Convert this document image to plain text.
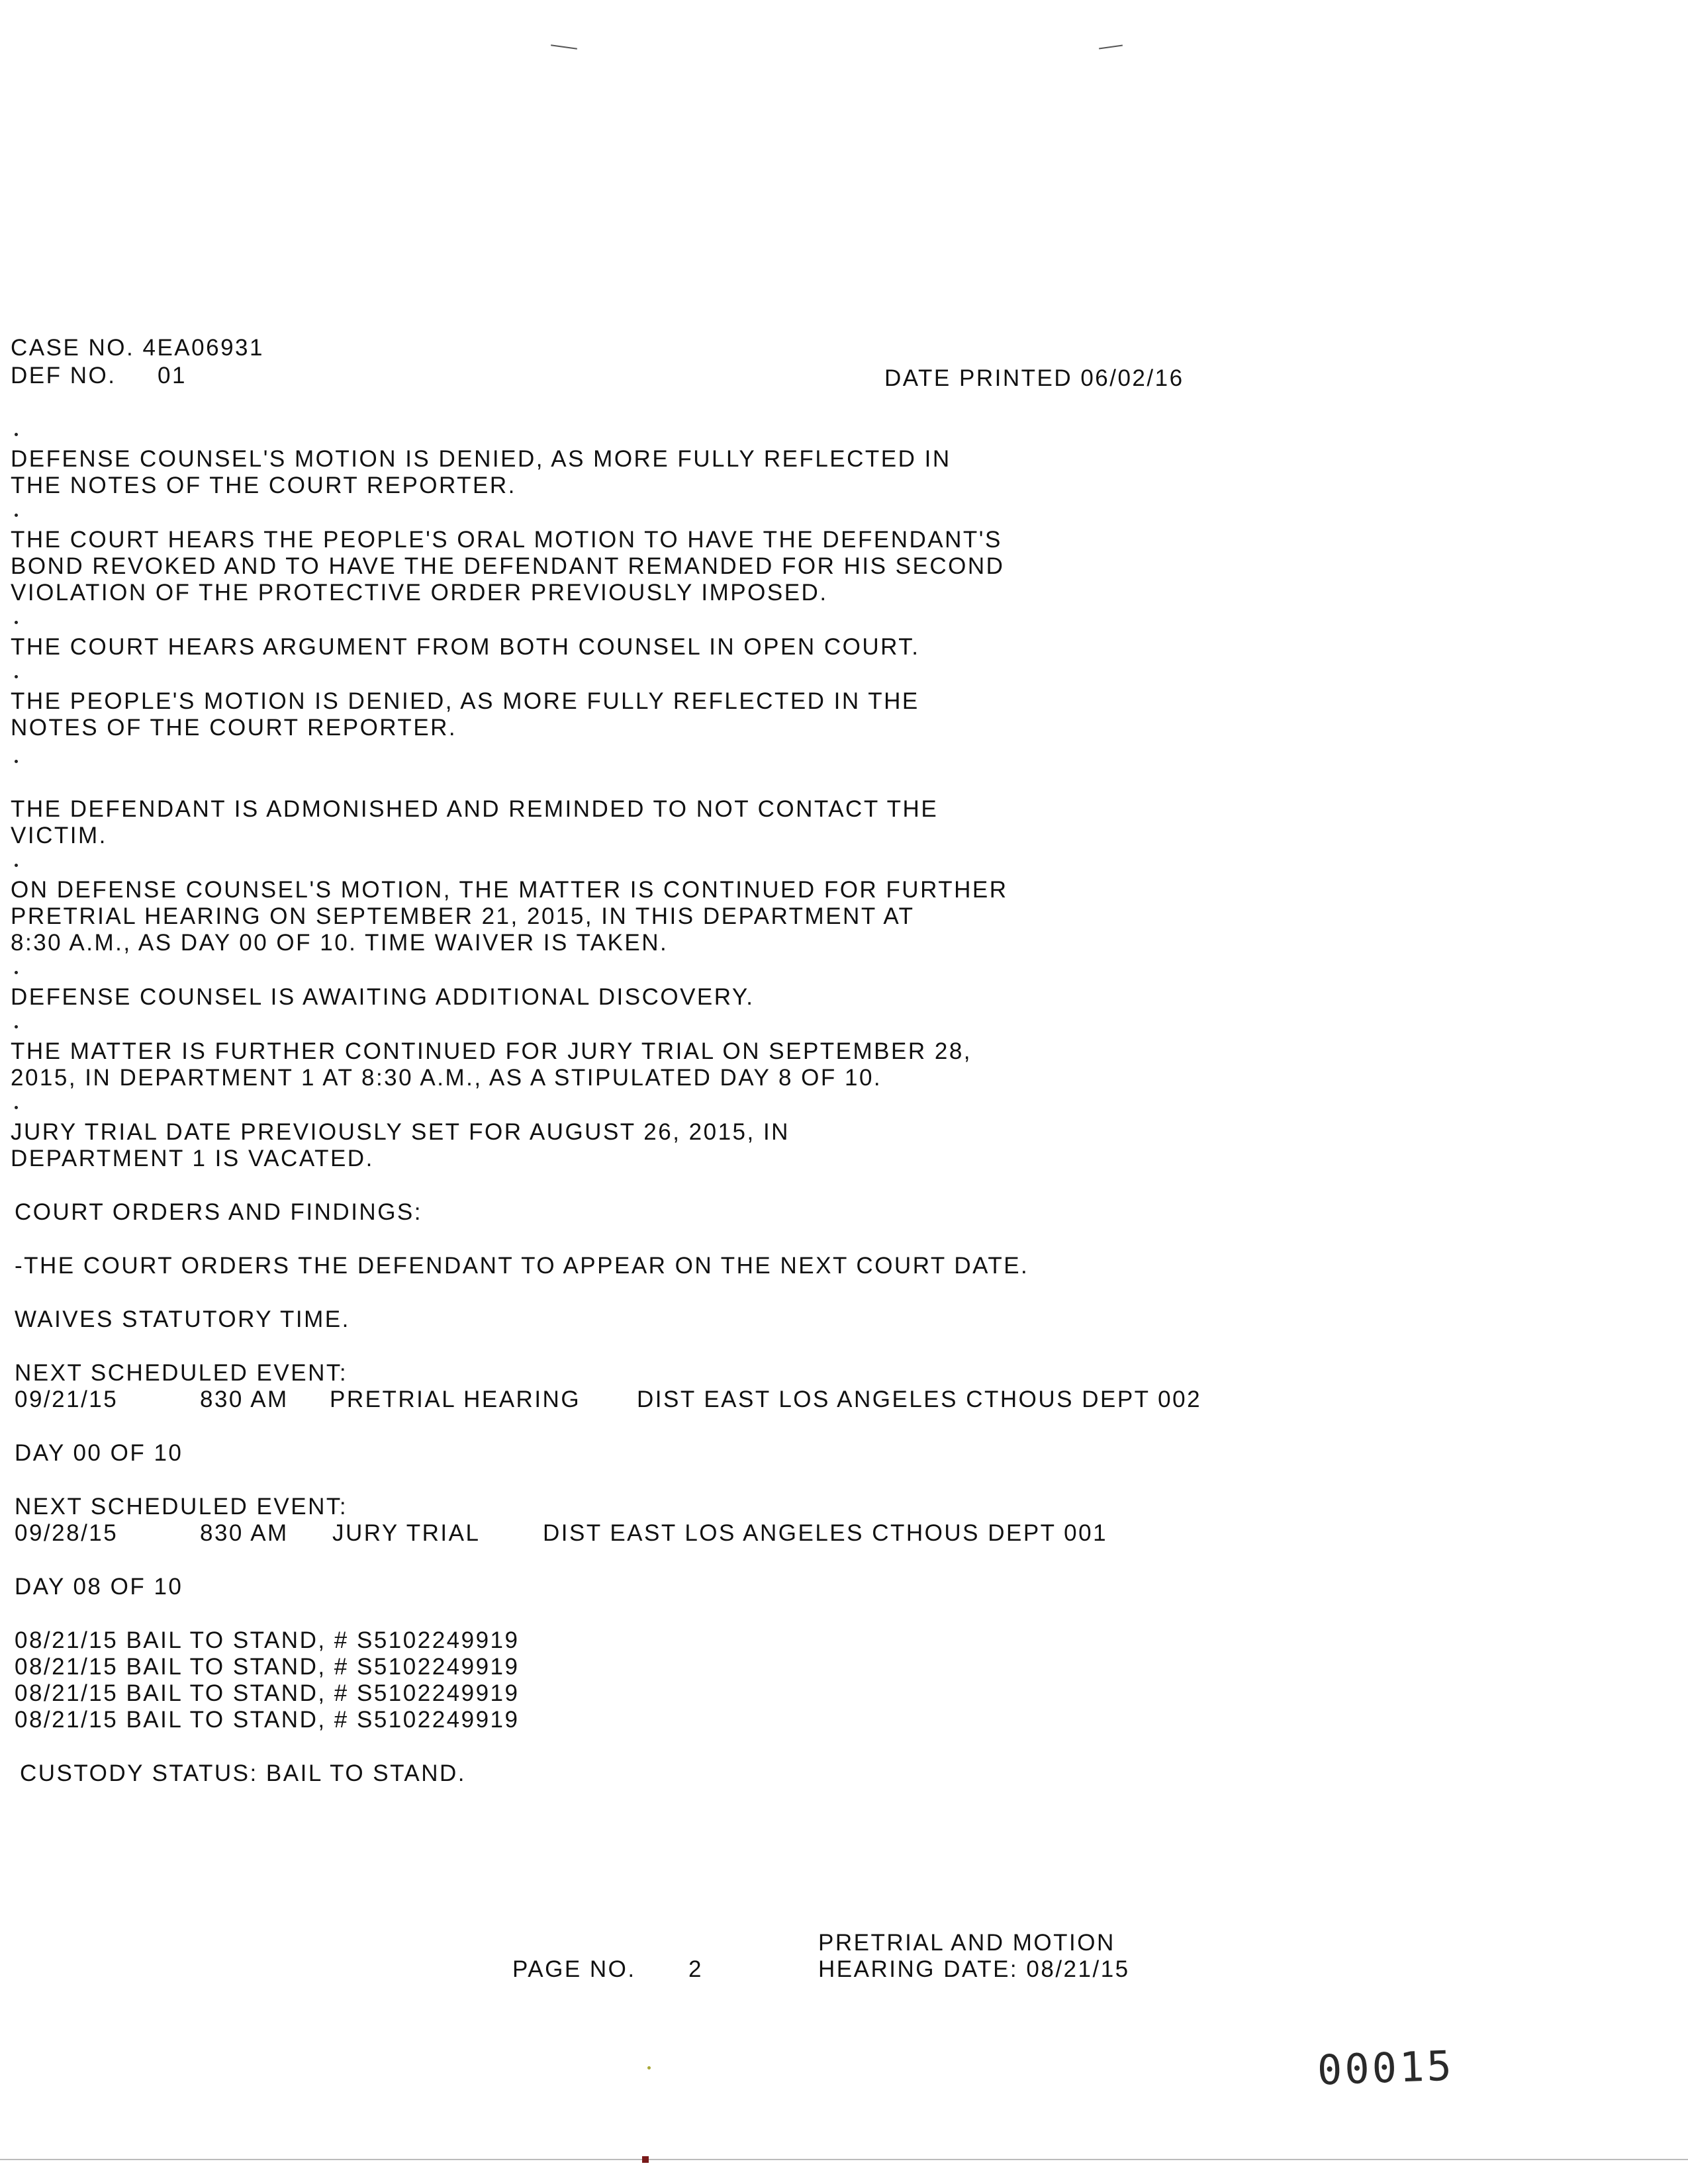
CASE NO. 4EA06931

DEF NO. 01	DATE PRINTED 06/02/16

DEFENSE COUNSEL'S MOTION IS DENIED, AS MORE FULLY REFLECTED IN

THE NOTES OF THE COURT REPORTER.

THE COURT HEARS THE PEOPLE'S ORAL MOTION TO HAVE THE DEFENDANT'S

BOND REVOKED AND TO HAVE THE DEFENDANT REMANDED FOR HIS SECOND

VIOLATION OF THE PROTECTIVE ORDER PREVIOUSLY IMPOSED.

THE COURT HEARS ARGUMENT FROM BOTH COUNSEL IN OPEN COURT.

THE PEOPLE'S MOTION IS DENIED, AS MORE FULLY REFLECTED IN THE

NOTES OF THE COURT REPORTER.

THE DEFENDANT IS ADMONISHED AND REMINDED TO NOT CONTACT THE

VICTIM.

ON DEFENSE COUNSEL'S MOTION, THE MATTER IS CONTINUED FOR FURTHER

PRETRIAL HEARING ON SEPTEMBER 21, 2015, IN THIS DEPARTMENT AT

8:30 A.M., AS DAY 00 OF 10. TIME WAIVER IS TAKEN.

DEFENSE COUNSEL IS AWAITING ADDITIONAL DISCOVERY.

THE MATTER IS FURTHER CONTINUED FOR JURY TRIAL ON SEPTEMBER 28,

2015, IN DEPARTMENT 1 AT 8:30 A.M., AS A STIPULATED DAY 8 OF 10.

JURY TRIAL DATE PREVIOUSLY SET FOR AUGUST 26, 2015, IN

DEPARTMENT 1 IS VACATED.

COURT ORDERS AND FINDINGS:

-THE COURT ORDERS THE DEFENDANT TO APPEAR ON THE NEXT COURT DATE.

WAIVES STATUTORY TIME.

NEXT SCHEDULED EVENT:

09/21/15	830 AM PRETRIAL HEARING DIST EAST LOS ANGELES CTHOUS DEPT 002

DAY 00 OF 10

NEXT SCHEDULED EVENT:

09/28/15	830 AM JURY TRIAL	DIST EAST LOS ANGELES CTHOUS DEPT 001

DAY 08 OF 10

08/21/15 BAIL TO STAND, # S5102249919

08/21/15 BAIL TO STAND, # S5102249919

08/21/15 BAIL TO STAND, # S5102249919

08/21/15 BAIL TO STAND, # S5102249919

CUSTODY STATUS: BAIL TO STAND.

PRETRIAL AND MOTION

PAGE NO. 2	HEARING DATE: 08/21/15

00015
